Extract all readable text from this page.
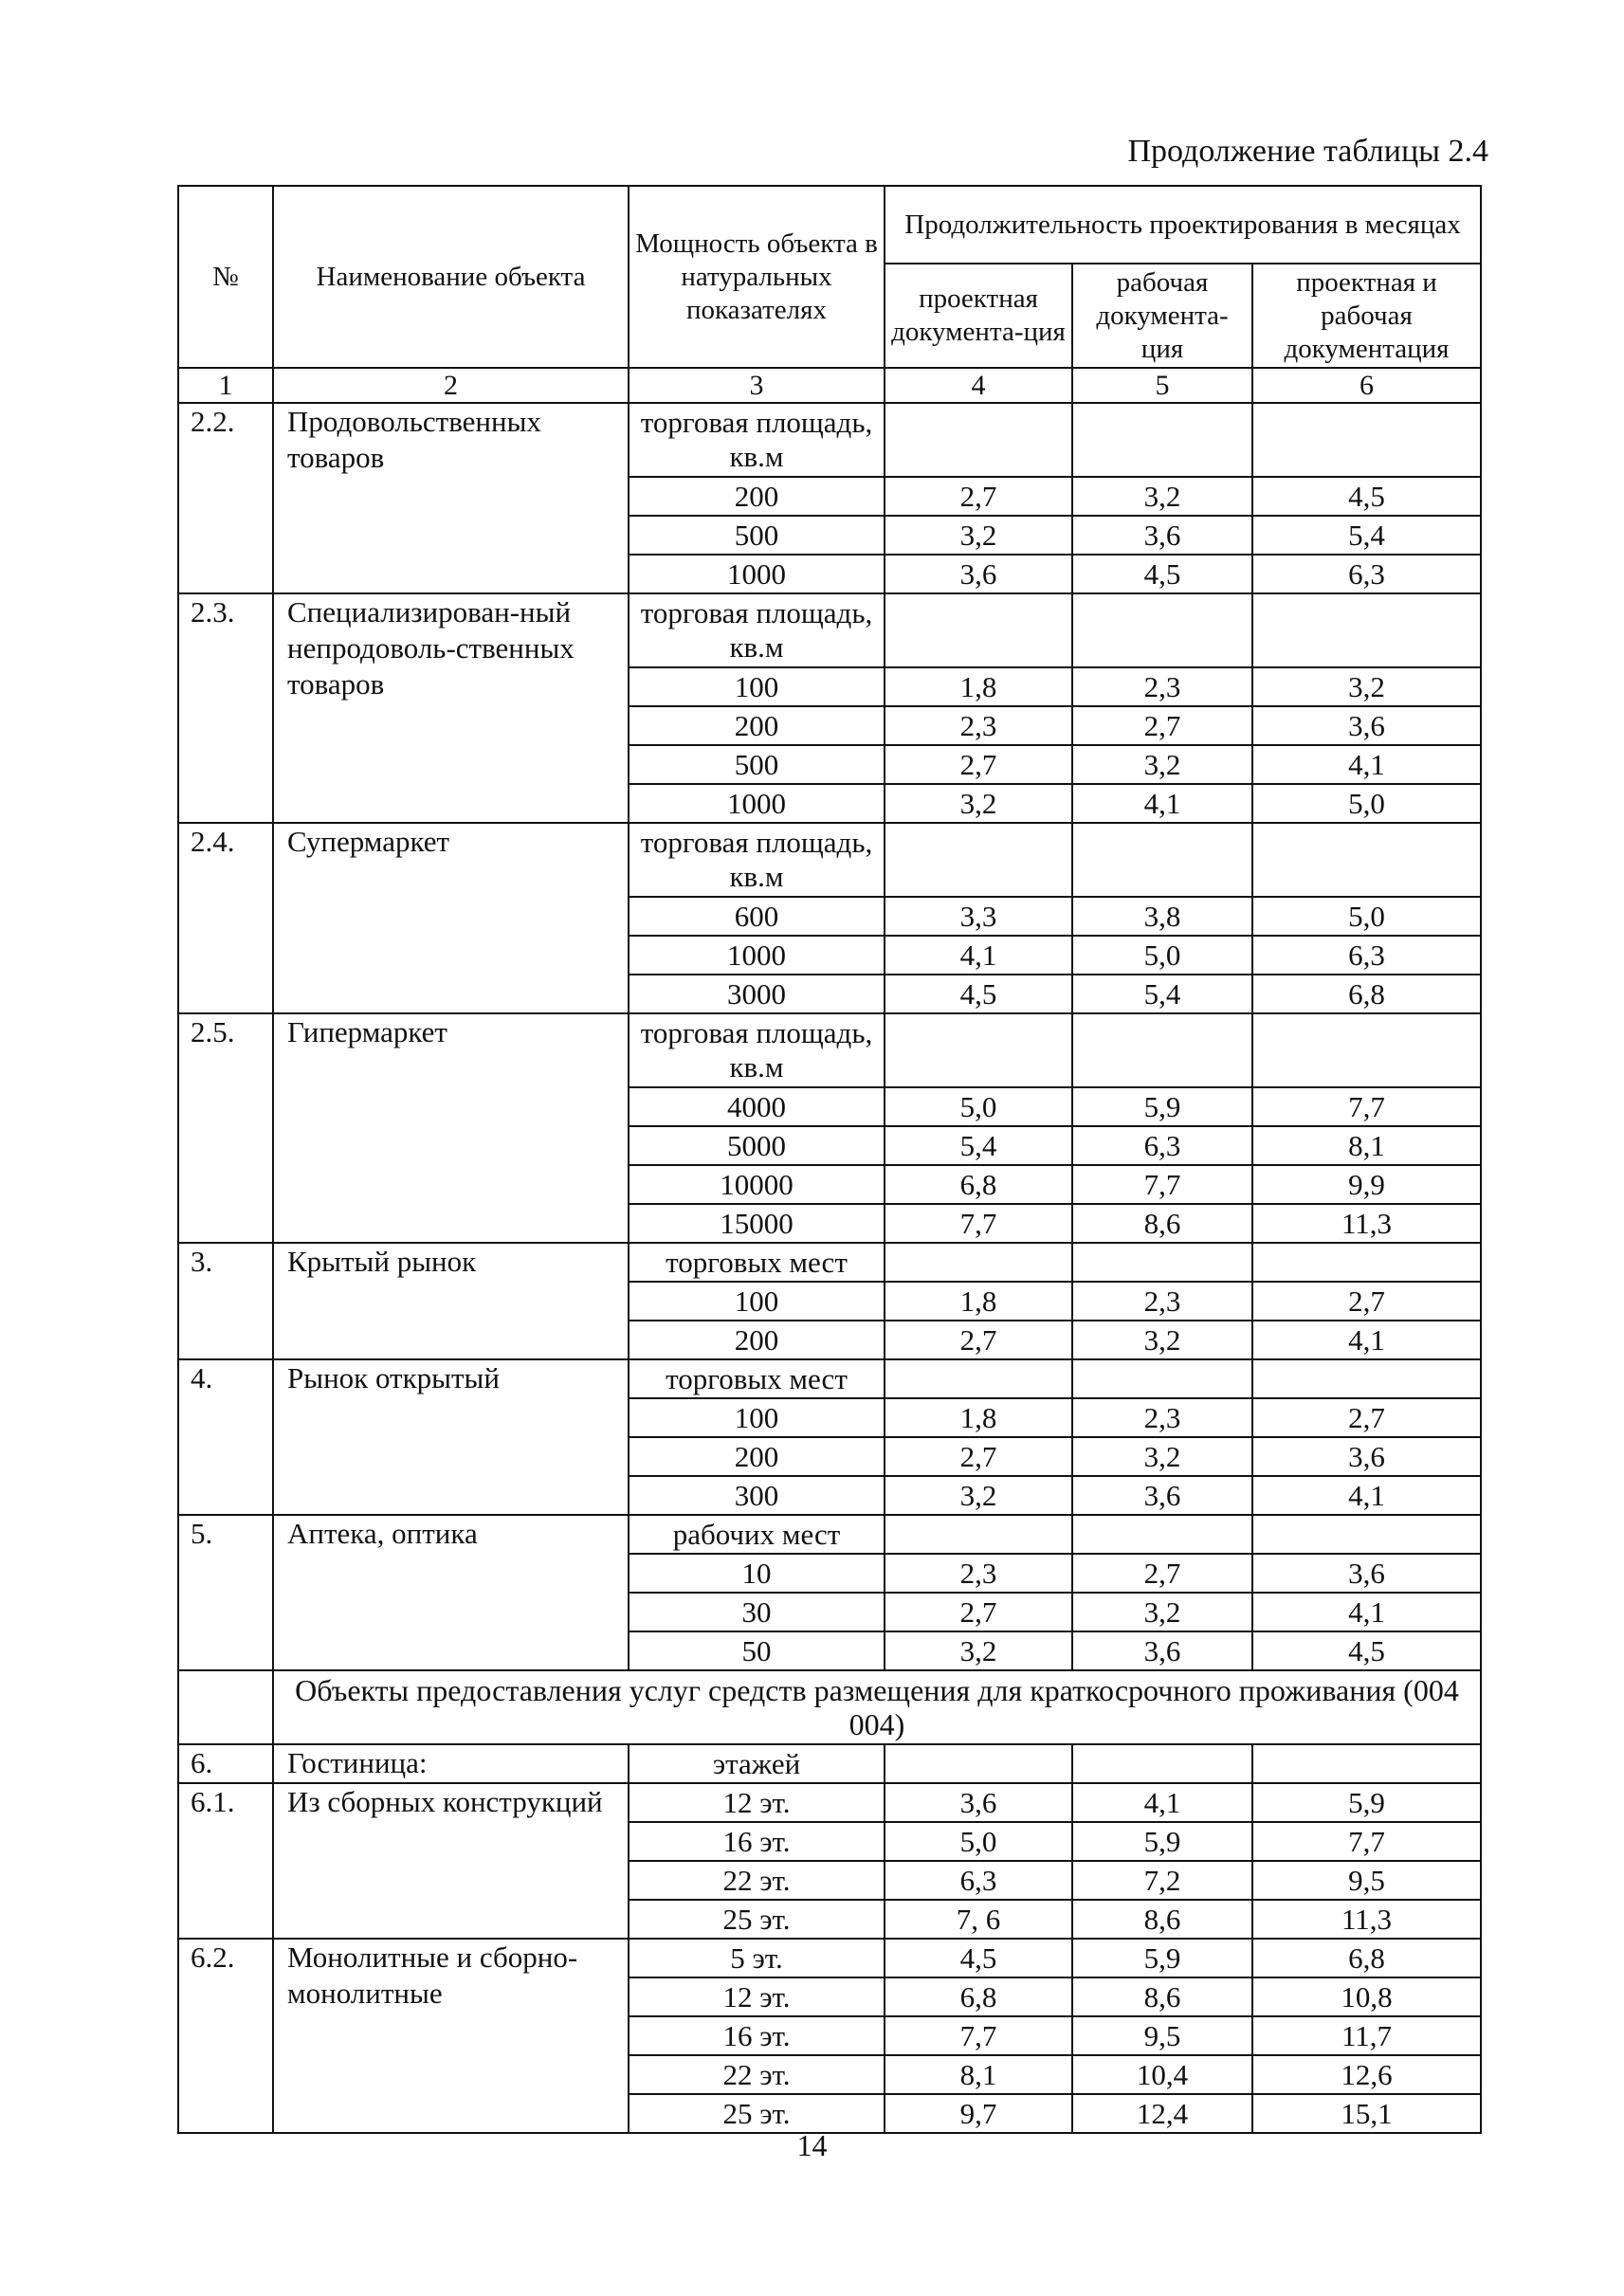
Продолжение таблицы 2.4
№	Наименование объекта	Мощность объекта в натуральных показателях	Продолжительность проектирования в месяцах		
			проектная документа-ция	рабочая документа-ция	проектная и рабочая документация
1	2	3	4	5	6
2.2.	Продовольственных товаров	торговая площадь, кв.м			
		200	2,7	3,2	4,5
		500	3,2	3,6	5,4
		1000	3,6	4,5	6,3
2.3.	Специализирован-ный непродоволь-ственных товаров	торговая площадь, кв.м			
		100	1,8	2,3	3,2
		200	2,3	2,7	3,6
		500	2,7	3,2	4,1
		1000	3,2	4,1	5,0
2.4.	Супермаркет	торговая площадь, кв.м			
		600	3,3	3,8	5,0
		1000	4,1	5,0	6,3
		3000	4,5	5,4	6,8
2.5.	Гипермаркет	торговая площадь, кв.м			
		4000	5,0	5,9	7,7
		5000	5,4	6,3	8,1
		10000	6,8	7,7	9,9
		15000	7,7	8,6	11,3
3.	Крытый рынок	торговых мест			
		100	1,8	2,3	2,7
		200	2,7	3,2	4,1
4.	Рынок открытый	торговых мест			
		100	1,8	2,3	2,7
		200	2,7	3,2	3,6
		300	3,2	3,6	4,1
5.	Аптека, оптика	рабочих мест			
		10	2,3	2,7	3,6
		30	2,7	3,2	4,1
		50	3,2	3,6	4,5
	Объекты предоставления услуг средств размещения для краткосрочного проживания (004 004)				
6.	Гостиница:	этажей			
6.1.	Из сборных конструкций	12 эт.	3,6	4,1	5,9
		16 эт.	5,0	5,9	7,7
		22 эт.	6,3	7,2	9,5
		25 эт.	7, 6	8,6	11,3
6.2.	Монолитные и сборно-монолитные	5 эт.	4,5	5,9	6,8
		12 эт.	6,8	8,6	10,8
		16 эт.	7,7	9,5	11,7
		22 эт.	8,1	10,4	12,6
		25 эт.	9,7	12,4	15,1
14
